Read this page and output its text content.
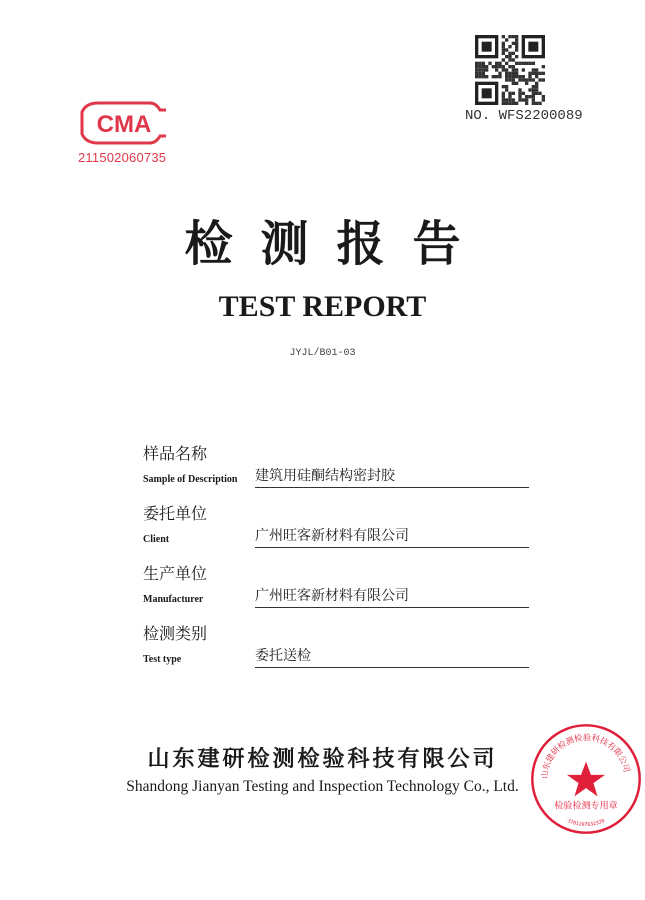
CMA
211502060735
NO. WFS2200089
检测报告
TEST REPORT
JYJL/B01-03
样品名称
Sample of Description 建筑用硅酮结构密封胶
委托单位
Client	广州旺客新材料有限公司
生产单位
Manufacturer	广州旺客新材料有限公司
检测类别
Test type	委托送检
山东建研检测检验科技有限公司
Shandong Jianyan Testing and Inspection Technology Co., Ltd.
山东建研检测检验科技有限公司
检验检测专用章
3701207632328
